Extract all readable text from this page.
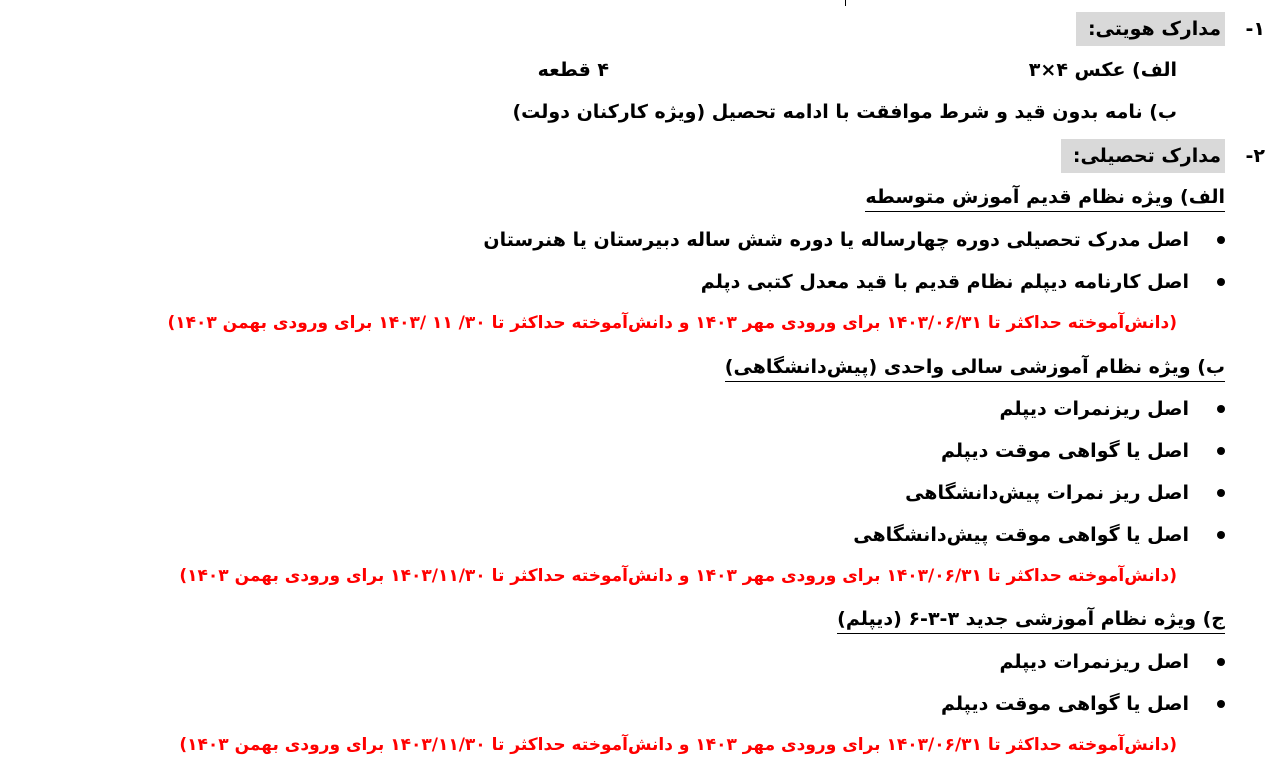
۱-
مدارک هویتی:
الف) عکس ۴×۳
۴ قطعه
ب) نامه بدون قید و شرط موافقت با ادامه تحصیل (ویژه کارکنان دولت)
۲-
مدارک تحصیلی:
الف) ویژه نظام قدیم آموزش متوسطه
اصل مدرک تحصیلی دوره چهارساله یا دوره شش ساله دبیرستان یا هنرستان
اصل کارنامه دیپلم نظام قدیم با قید معدل کتبی دپلم
(دانش‌آموخته حداکثر تا ۱۴۰۳/۰۶/۳۱ برای ورودی مهر ۱۴۰۳ و دانش‌آموخته حداکثر تا ۳۰/ ۱۱ /۱۴۰۳ برای ورودی بهمن ۱۴۰۳)
ب) ویژه نظام آموزشی سالی واحدی (پیش‌دانشگاهی)
اصل ریزنمرات دیپلم
اصل یا گواهی موقت دیپلم
اصل ریز نمرات پیش‌دانشگاهی
اصل یا گواهی موقت پیش‌دانشگاهی
(دانش‌آموخته حداکثر تا ۱۴۰۳/۰۶/۳۱ برای ورودی مهر ۱۴۰۳ و دانش‌آموخته حداکثر تا ۱۴۰۳/۱۱/۳۰ برای ورودی بهمن ۱۴۰۳)
ج) ویژه نظام آموزشی جدید ۳-۳-۶ (دیپلم)
اصل ریزنمرات دیپلم
اصل یا گواهی موقت دیپلم
(دانش‌آموخته حداکثر تا ۱۴۰۳/۰۶/۳۱ برای ورودی مهر ۱۴۰۳ و دانش‌آموخته حداکثر تا ۱۴۰۳/۱۱/۳۰ برای ورودی بهمن ۱۴۰۳)
